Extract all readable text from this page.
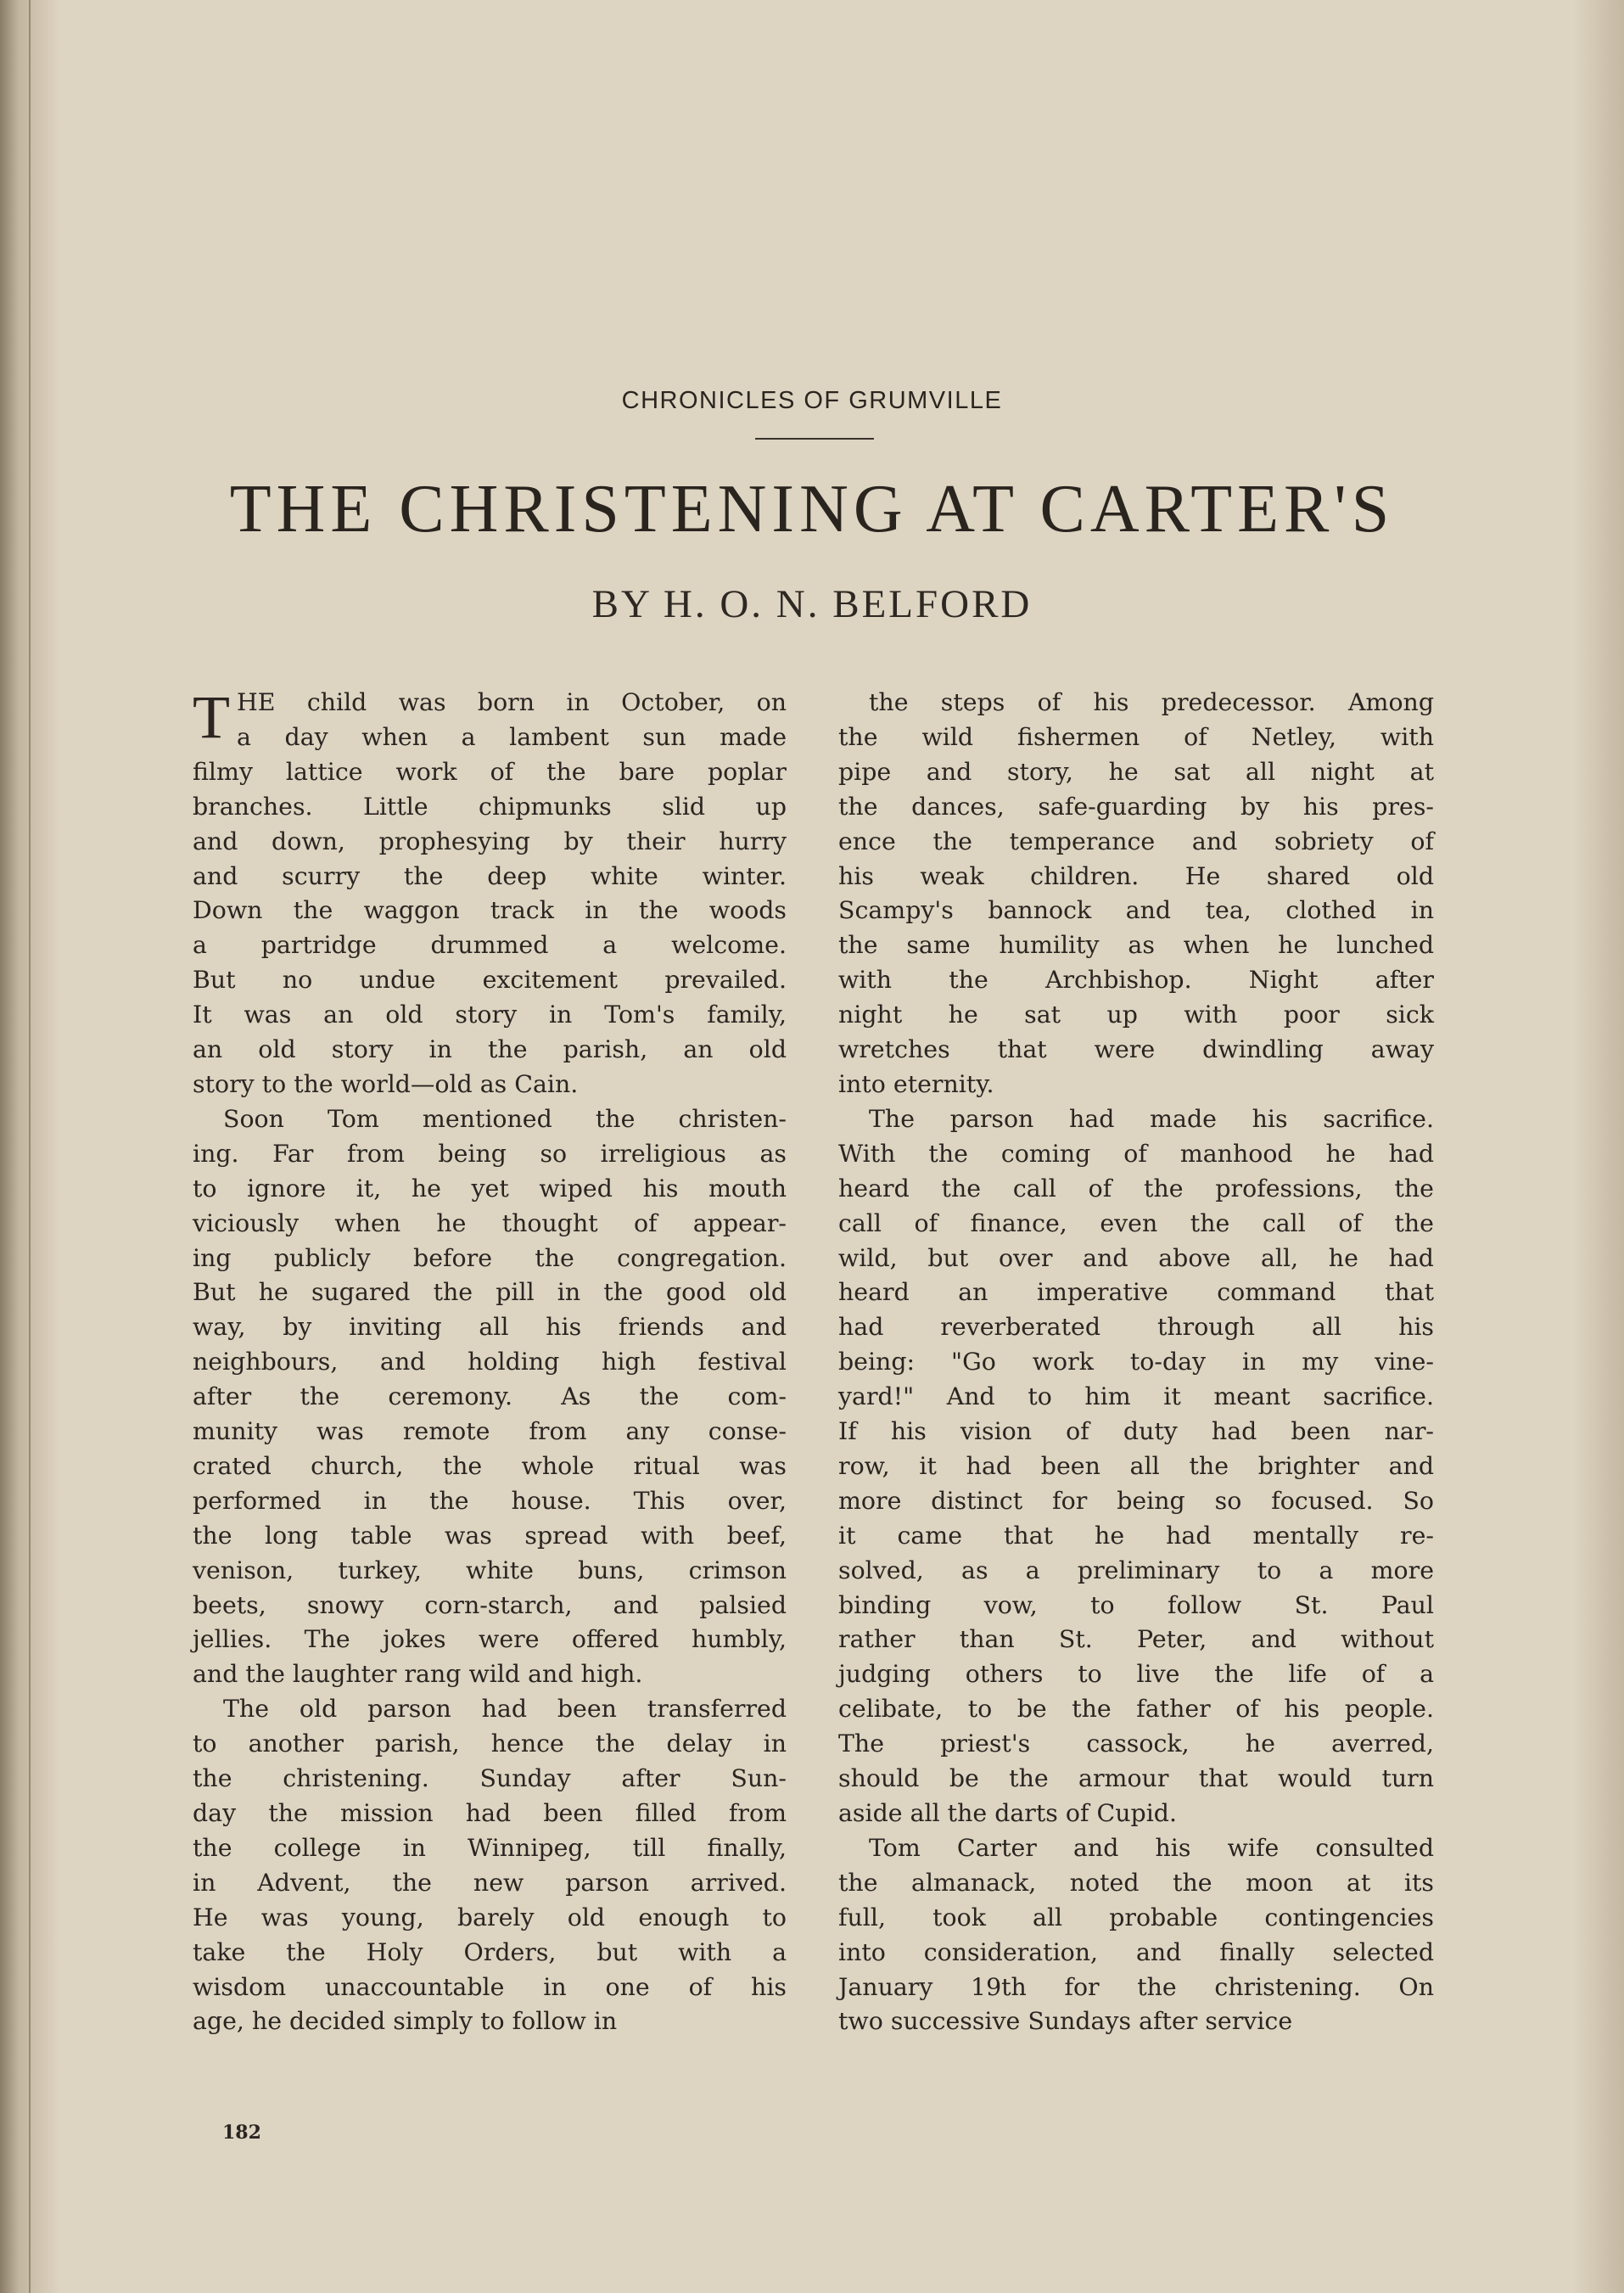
CHRONICLES OF GRUMVILLE
THE CHRISTENING AT CARTER'S
BY H. O. N. BELFORD

T HE child was born in October, on
a day when a lambent sun made
filmy lattice work of the bare poplar
branches. Little chipmunks slid up
and down, prophesying by their hurry
and scurry the deep white winter.
Down the waggon track in the woods
a partridge drummed a welcome.
But no undue excitement prevailed.
It was an old story in Tom's family,
an old story in the parish, an old
story to the world—old as Cain.

Soon Tom mentioned the christen-
ing. Far from being so irreligious as
to ignore it, he yet wiped his mouth
viciously when he thought of appear-
ing publicly before the congregation.
But he sugared the pill in the good old
way, by inviting all his friends and
neighbours, and holding high festival
after the ceremony. As the com-
munity was remote from any conse-
crated church, the whole ritual was
performed in the house. This over,
the long table was spread with beef,
venison, turkey, white buns, crimson
beets, snowy corn-starch, and palsied
jellies. The jokes were offered humbly,
and the laughter rang wild and high.

The old parson had been transferred
to another parish, hence the delay in
the christening. Sunday after Sun-
day the mission had been filled from
the college in Winnipeg, till finally,
in Advent, the new parson arrived.
He was young, barely old enough to
take the Holy Orders, but with a
wisdom unaccountable in one of his
age, he decided simply to follow in

the steps of his predecessor. Among
the wild fishermen of Netley, with
pipe and story, he sat all night at
the dances, safe-guarding by his pres-
ence the temperance and sobriety of
his weak children. He shared old
Scampy's bannock and tea, clothed in
the same humility as when he lunched
with the Archbishop. Night after
night he sat up with poor sick
wretches that were dwindling away
into eternity.

The parson had made his sacrifice.
With the coming of manhood he had
heard the call of the professions, the
call of finance, even the call of the
wild, but over and above all, he had
heard an imperative command that
had reverberated through all his
being: "Go work to-day in my vine-
yard!" And to him it meant sacrifice.
If his vision of duty had been nar-
row, it had been all the brighter and
more distinct for being so focused. So
it came that he had mentally re-
solved, as a preliminary to a more
binding vow, to follow St. Paul
rather than St. Peter, and without
judging others to live the life of a
celibate, to be the father of his people.
The priest's cassock, he averred,
should be the armour that would turn
aside all the darts of Cupid.

Tom Carter and his wife consulted
the almanack, noted the moon at its
full, took all probable contingencies
into consideration, and finally selected
January 19th for the christening. On
two successive Sundays after service

182
